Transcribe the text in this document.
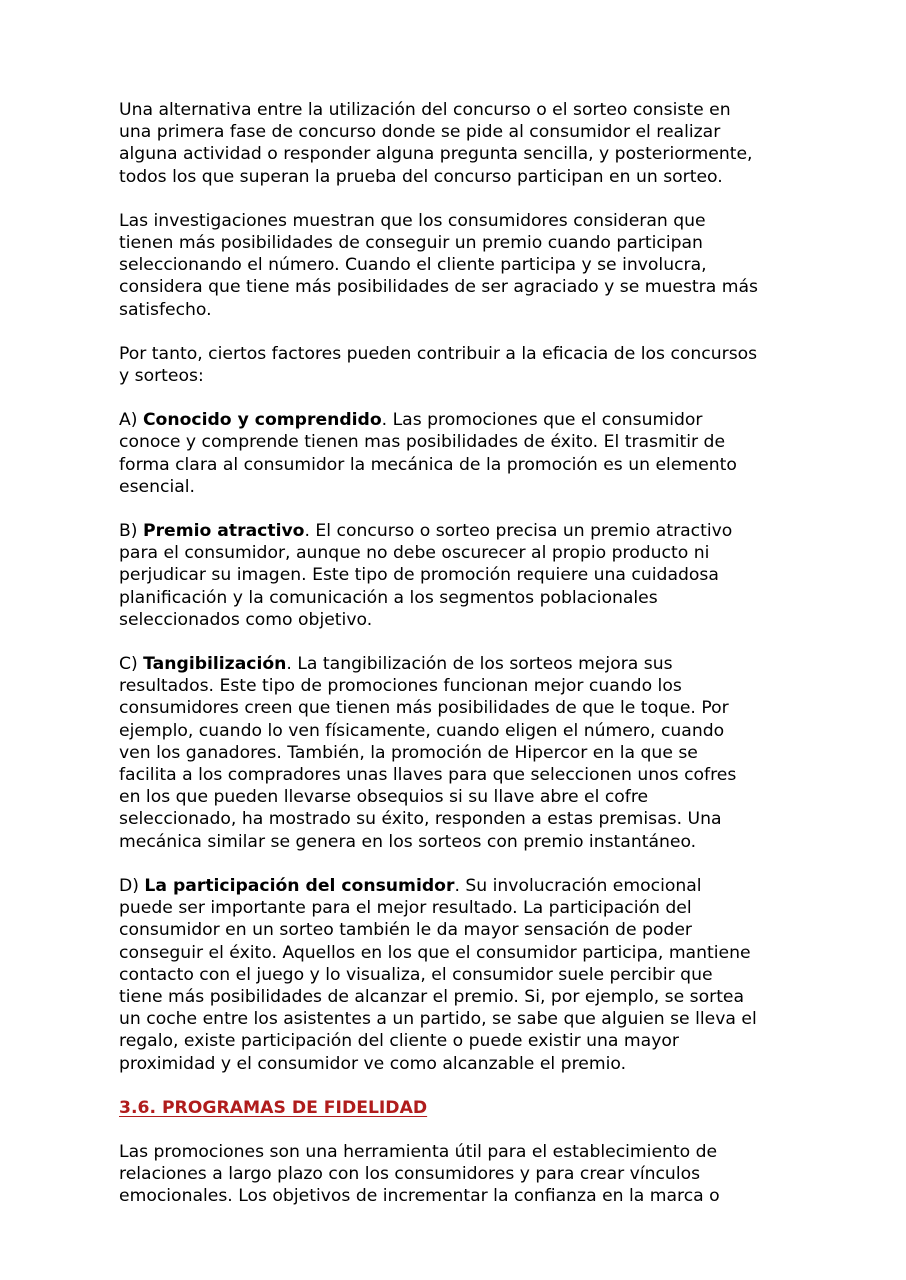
Una alternativa entre la utilización del concurso o el sorteo consiste en
una primera fase de concurso donde se pide al consumidor el realizar
alguna actividad o responder alguna pregunta sencilla, y posteriormente,
todos los que superan la prueba del concurso participan en un sorteo.

Las investigaciones muestran que los consumidores consideran que
tienen más posibilidades de conseguir un premio cuando participan
seleccionando el número. Cuando el cliente participa y se involucra,
considera que tiene más posibilidades de ser agraciado y se muestra más
satisfecho.

Por tanto, ciertos factores pueden contribuir a la eficacia de los concursos
y sorteos:

A) Conocido y comprendido. Las promociones que el consumidor
conoce y comprende tienen mas posibilidades de éxito. El trasmitir de
forma clara al consumidor la mecánica de la promoción es un elemento
esencial.

B) Premio atractivo. El concurso o sorteo precisa un premio atractivo
para el consumidor, aunque no debe oscurecer al propio producto ni
perjudicar su imagen. Este tipo de promoción requiere una cuidadosa
planificación y la comunicación a los segmentos poblacionales
seleccionados como objetivo.

C) Tangibilización. La tangibilización de los sorteos mejora sus
resultados. Este tipo de promociones funcionan mejor cuando los
consumidores creen que tienen más posibilidades de que le toque. Por
ejemplo, cuando lo ven físicamente, cuando eligen el número, cuando
ven los ganadores. También, la promoción de Hipercor en la que se
facilita a los compradores unas llaves para que seleccionen unos cofres
en los que pueden llevarse obsequios si su llave abre el cofre
seleccionado, ha mostrado su éxito, responden a estas premisas. Una
mecánica similar se genera en los sorteos con premio instantáneo.

D) La participación del consumidor. Su involucración emocional
puede ser importante para el mejor resultado. La participación del
consumidor en un sorteo también le da mayor sensación de poder
conseguir el éxito. Aquellos en los que el consumidor participa, mantiene
contacto con el juego y lo visualiza, el consumidor suele percibir que
tiene más posibilidades de alcanzar el premio. Si, por ejemplo, se sortea
un coche entre los asistentes a un partido, se sabe que alguien se lleva el
regalo, existe participación del cliente o puede existir una mayor
proximidad y el consumidor ve como alcanzable el premio.

3.6. PROGRAMAS DE FIDELIDAD

Las promociones son una herramienta útil para el establecimiento de
relaciones a largo plazo con los consumidores y para crear vínculos
emocionales. Los objetivos de incrementar la confianza en la marca o
